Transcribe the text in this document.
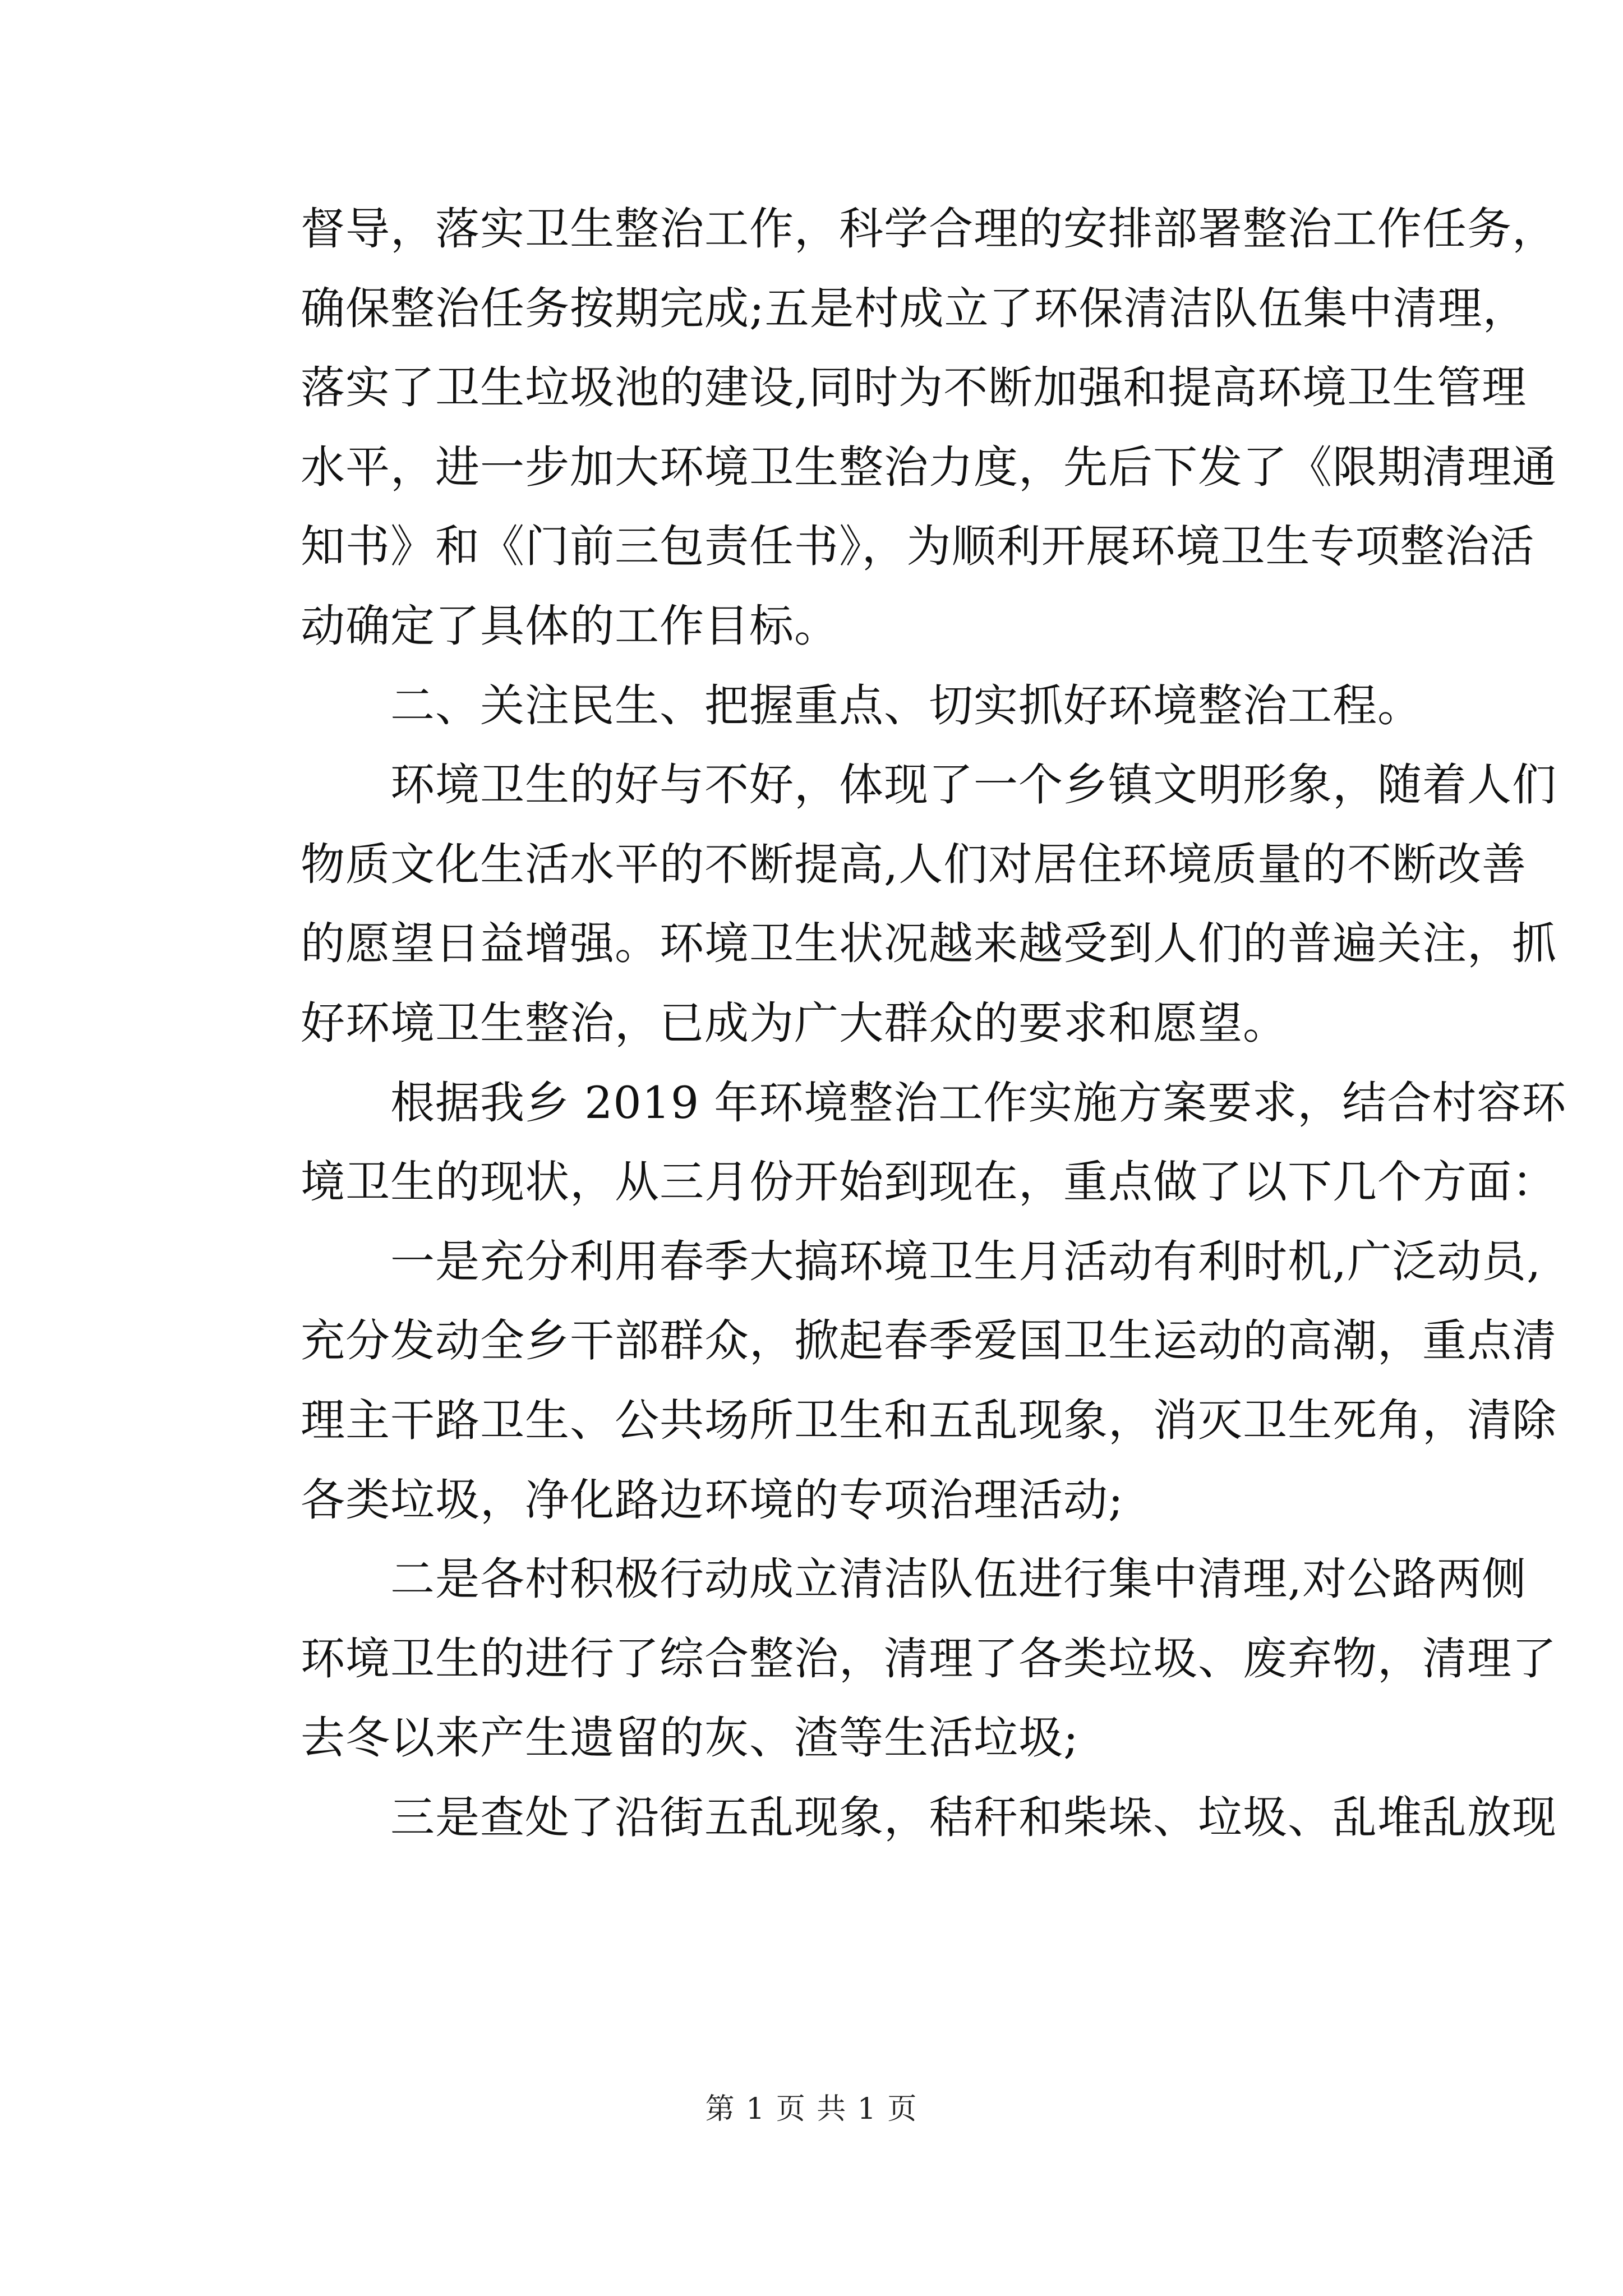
督导，落实卫生整治工作，科学合理的安排部署整治工作任务，
确保整治任务按期完成;五是村成立了环保清洁队伍集中清理，
落实了卫生垃圾池的建设,同时为不断加强和提高环境卫生管理
水平，进一步加大环境卫生整治力度，先后下发了《限期清理通
知书》和《门前三包责任书》，为顺利开展环境卫生专项整治活
动确定了具体的工作目标。
二、关注民生、把握重点、切实抓好环境整治工程。
环境卫生的好与不好，体现了一个乡镇文明形象，随着人们
物质文化生活水平的不断提高,人们对居住环境质量的不断改善
的愿望日益增强。环境卫生状况越来越受到人们的普遍关注，抓
好环境卫生整治，已成为广大群众的要求和愿望。
根据我乡 2019 年环境整治工作实施方案要求，结合村容环
境卫生的现状，从三月份开始到现在，重点做了以下几个方面：
一是充分利用春季大搞环境卫生月活动有利时机,广泛动员,
充分发动全乡干部群众，掀起春季爱国卫生运动的高潮，重点清
理主干路卫生、公共场所卫生和五乱现象，消灭卫生死角，清除
各类垃圾，净化路边环境的专项治理活动;
二是各村积极行动成立清洁队伍进行集中清理,对公路两侧
环境卫生的进行了综合整治，清理了各类垃圾、废弃物，清理了
去冬以来产生遗留的灰、渣等生活垃圾;
三是查处了沿街五乱现象，秸秆和柴垛、垃圾、乱堆乱放现
第 1 页 共 1 页
